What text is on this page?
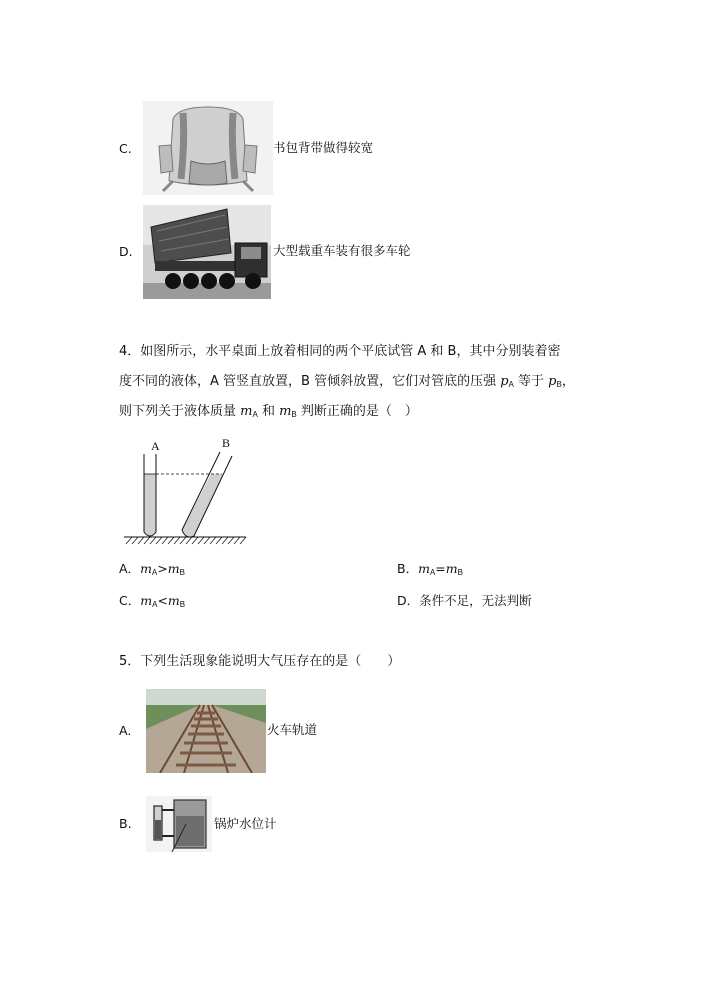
C.	书包背带做得较宽
D.	大型载重车装有很多车轮
4．如图所示，水平桌面上放着相同的两个平底试管 A 和 B，其中分别装着密
度不同的液体，A 管竖直放置，B 管倾斜放置，它们对管底的压强 $p_A$ 等于 $p_B$，
则下列关于液体质量 $m_A$ 和 $m_B$ 判断正确的是（　）
A	B
A．$m_A>m_B$	B．$m_A=m_B$
C．$m_A<m_B$	D．条件不足，无法判断
5．下列生活现象能说明大气压存在的是（　　）
A.	火车轨道
B.	锅炉水位计
